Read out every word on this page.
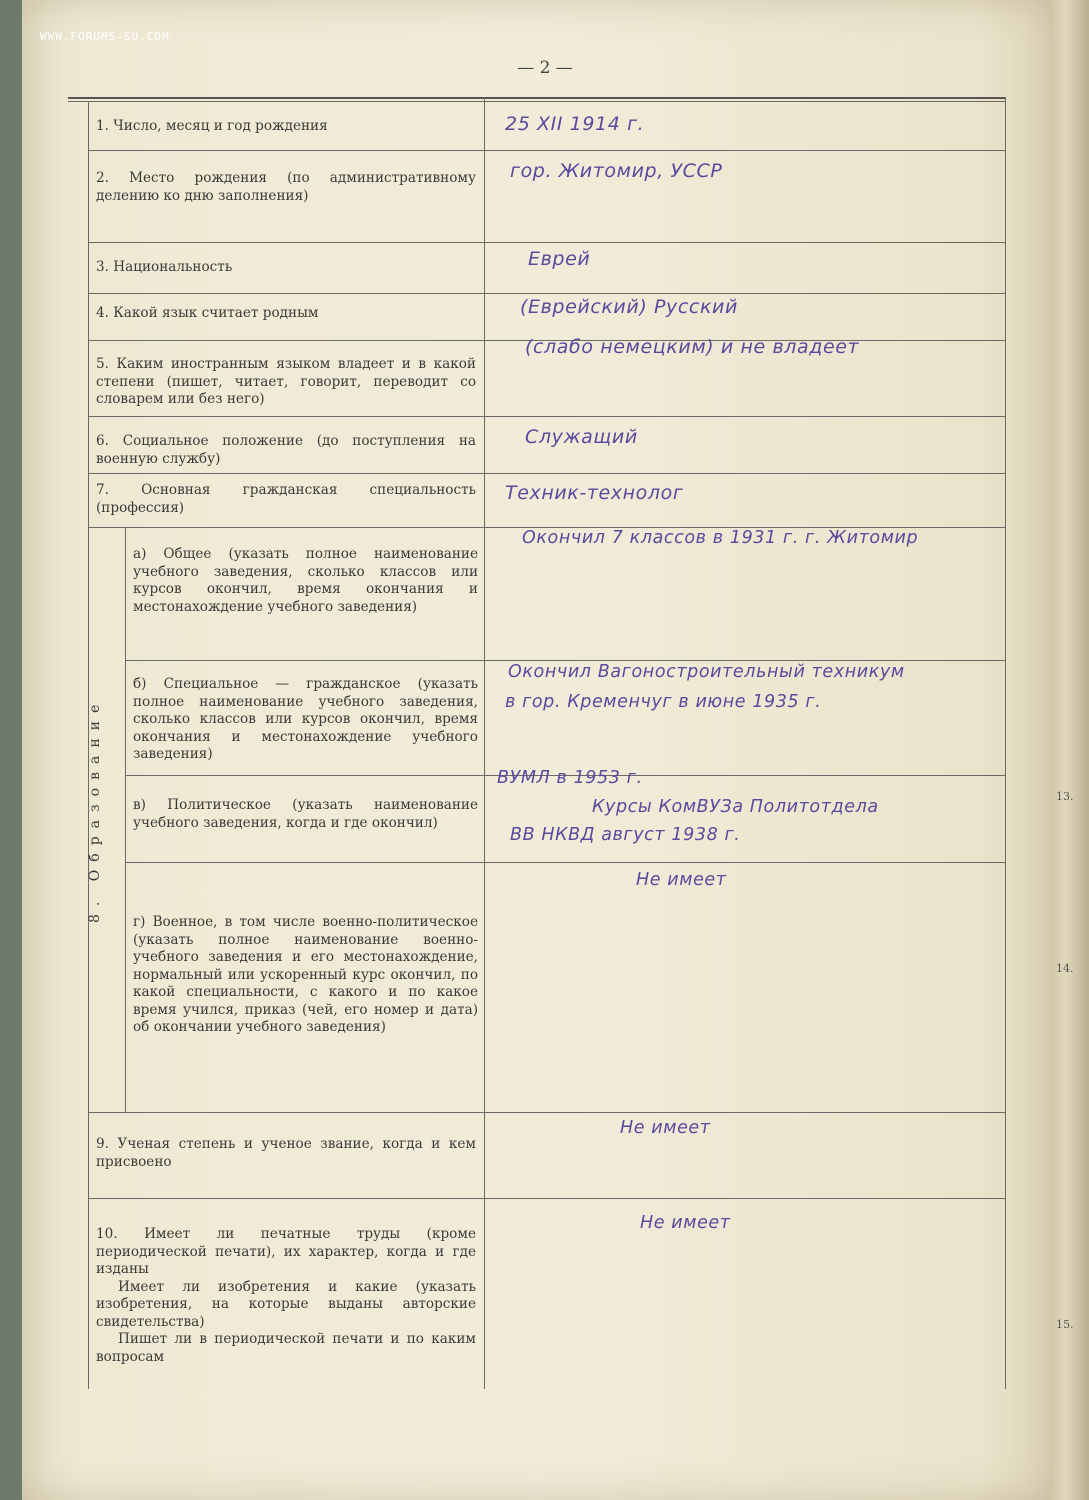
13.
14.
15.
WWW.FORUMS-SU.COM
— 2 —
1. Число, месяц и год рождения
2. Место рождения (по административному делению ко дню заполнения)
3. Национальность
4. Какой язык считает родным
5. Каким иностранным языком владеет и в какой степени (пишет, читает, говорит, переводит со словарем или без него)
6. Социальное положение (до поступления на военную службу)
7. Основная гражданская специальность (профессия)
8. Образование
а) Общее (указать полное наименование учебного заведения, сколько классов или курсов окончил, время окончания и местонахождение учебного заведения)
б) Специальное — гражданское (указать полное наименование учебного заведения, сколько классов или курсов окончил, время окончания и местонахождение учебного заведения)
в) Политическое (указать наименование учебного заведения, когда и где окончил)
г) Военное, в том числе военно-политическое (указать полное наименование военно-учебного заведения и его местонахождение, нормальный или ускоренный курс окончил, по какой специальности, с какого и по какое время учился, приказ (чей, его номер и дата) об окончании учебного заведения)
9. Ученая степень и ученое звание, когда и кем присвоено
10. Имеет ли печатные труды (кроме периодической печати), их характер, когда и где изданы
Имеет ли изобретения и какие (указать изобретения, на которые выданы авторские свидетельства)
Пишет ли в периодической печати и по каким вопросам
25 XII 1914 г.
гор. Житомир, УССР
Еврей
(Еврейский) Русский
(слабо немецким) и не владеет
Служащий
Техник-технолог
Окончил 7 классов в 1931 г. г. Житомир
Окончил Вагоностроительный техникум
в гор. Кременчуг в июне 1935 г.
ВУМЛ в 1953 г.
Курсы КомВУЗа Политотдела
ВВ НКВД август 1938 г.
Не имеет
Не имеет
Не имеет
